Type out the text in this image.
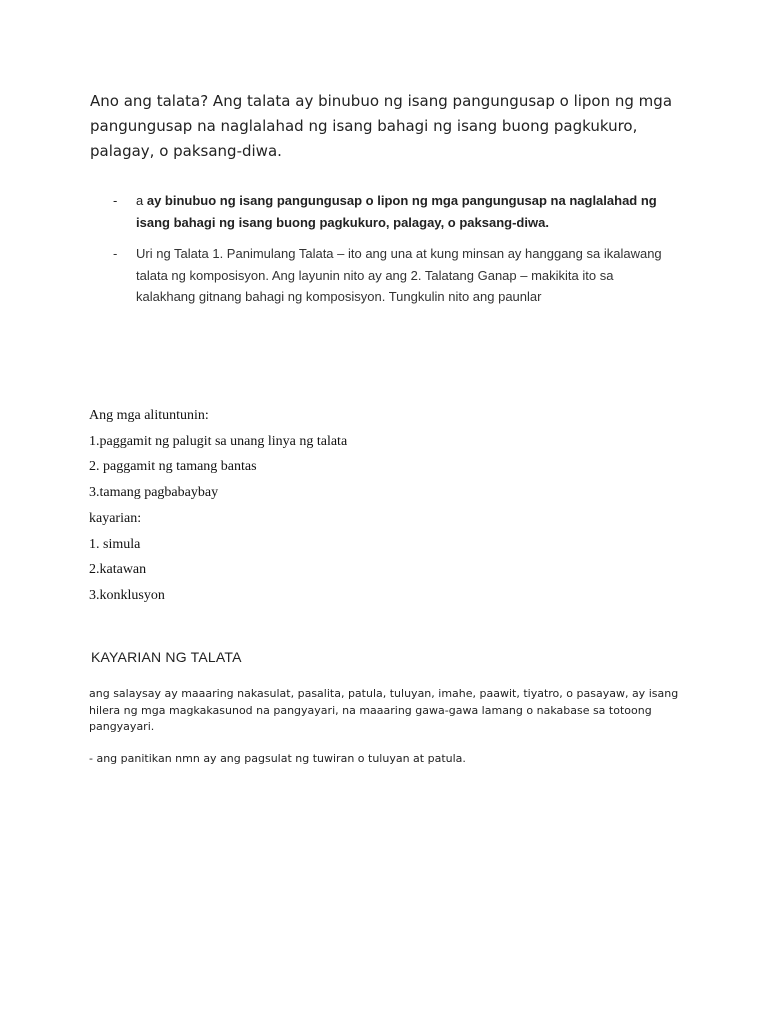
Ano ang talata? Ang talata ay binubuo ng isang pangungusap o lipon ng mga pangungusap na naglalahad ng isang bahagi ng isang buong pagkukuro, palagay, o paksang-diwa.
- a ay binubuo ng isang pangungusap o lipon ng mga pangungusap na naglalahad ng isang bahagi ng isang buong pagkukuro, palagay, o paksang-diwa.
- Uri ng Talata 1. Panimulang Talata – ito ang una at kung minsan ay hanggang sa ikalawang talata ng komposisyon. Ang layunin nito ay ang 2. Talatang Ganap – makikita ito sa kalakhang gitnang bahagi ng komposisyon. Tungkulin nito ang paunlar
Ang mga alituntunin:
1.paggamit ng palugit sa unang linya ng talata
2. paggamit ng tamang bantas
3.tamang pagbabaybay
kayarian:
1. simula
2.katawan
3.konklusyon
KAYARIAN NG TALATA

ang salaysay ay maaaring nakasulat, pasalita, patula, tuluyan, imahe, paawit, tiyatro, o pasayaw, ay isang hilera ng mga magkakasunod na pangyayari, na maaaring gawa-gawa lamang o nakabase sa totoong pangyayari.

- ang panitikan nmn ay ang pagsulat ng tuwiran o tuluyan at patula.
